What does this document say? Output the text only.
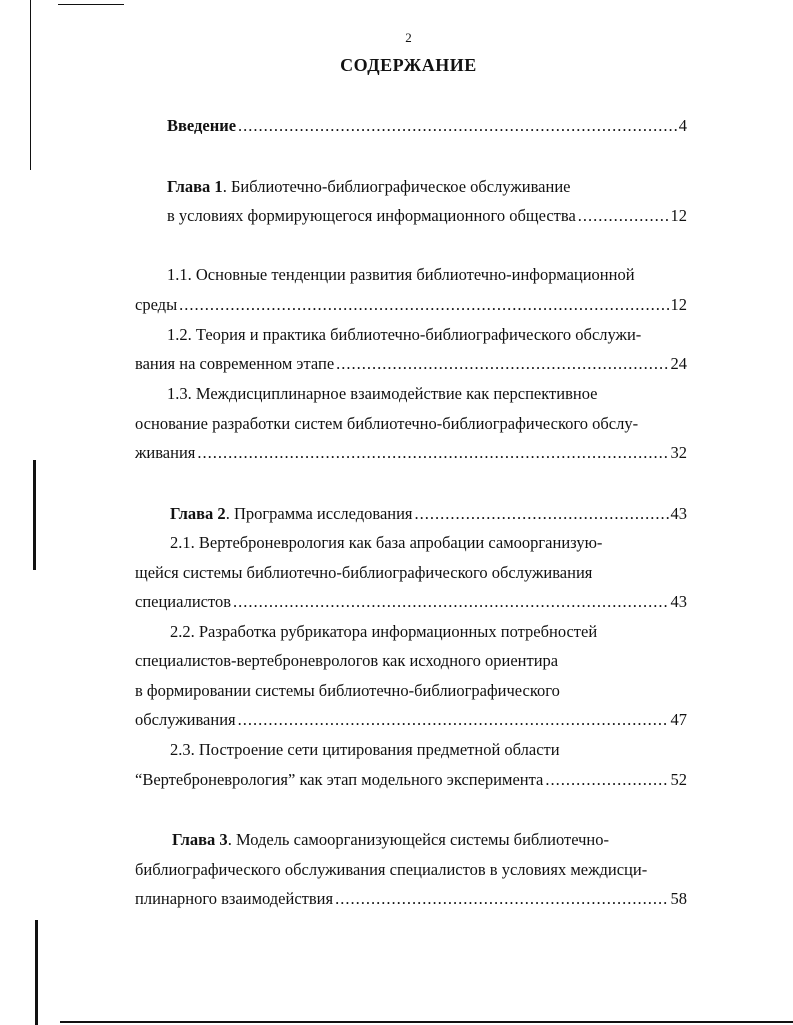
2
СОДЕРЖАНИЕ
Введение .....	4
Глава 1. Библиотечно-библиографическое обслуживание
в условиях формирующегося информационного общества .....	12
1.1. Основные тенденции развития библиотечно-информационной
среды .....	12
1.2. Теория и практика библиотечно-библиографического обслужи-
вания на современном этапе .....	24
1.3. Междисциплинарное взаимодействие как перспективное
основание разработки систем библиотечно-библиографического обслу-
живания .....	32
Глава 2 . Программа исследования .....	43
2.1. Вертеброневрология как база апробации самоорганизую-
щейся системы библиотечно-библиографического обслуживания
специалистов .....	43
2.2. Разработка рубрикатора информационных потребностей
специалистов-вертеброневрологов как исходного ориентира
в формировании системы библиотечно-библиографического
обслуживания .....	47
2.3. Построение сети цитирования предметной области
“Вертеброневрология” как этап модельного эксперимента .....	52
Глава 3. Модель самоорганизующейся системы библиотечно-
библиографического обслуживания специалистов в условиях междисци-
плинарного взаимодействия .....	58
